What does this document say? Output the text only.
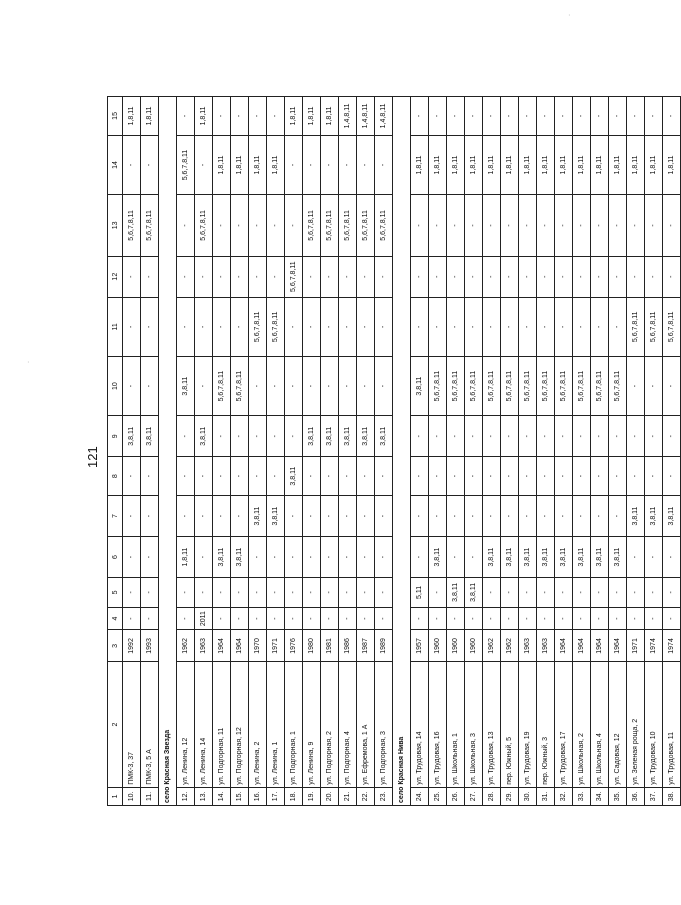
121
1	2	3	4	5	6	7	8	9	10	11	12	13	14	15
10.	ПМК-3, 37	1992	-	-	-	-	-	3,8,11	-	-	-	5,6,7,8,11	-	1,8,11
11.	ПМК-3, 5 А	1993	-	-	-	-	-	3,8,11	-	-	-	5,6,7,8,11	-	1,8,11
село Красная Звезда														
12.	ул. Ленина, 12	1962	-	-	1,8,11	-	-	-	3,8,11	-	-	-	5,6,7,8,11	-
13.	ул. Ленина, 14	1963	2011	-	-	-	-	3,8,11	-	-	-	5,6,7,8,11	-	1,8,11
14.	ул. Подгорная, 11	1964	-	-	3,8,11	-	-	-	5,6,7,8,11	-	-	-	1,8,11	-
15.	ул. Подгорная, 12	1964	-	-	3,8,11	-	-	-	5,6,7,8,11	-	-	-	1,8,11	-
16.	ул. Ленина, 2	1970	-	-	-	3,8,11	-	-	-	5,6,7,8,11	-	-	1,8,11	-
17.	ул. Ленина, 1	1971	-	-	-	3,8,11	-	-	-	5,6,7,8,11	-	-	1,8,11	-
18.	ул. Подгорная, 1	1976	-	-	-	-	3,8,11	-	-	-	5,6,7,8,11	-	-	1,8,11
19.	ул. Ленина, 9	1980	-	-	-	-	-	3,8,11	-	-	-	5,6,7,8,11	-	1,8,11
20.	ул. Подгорная, 2	1981	-	-	-	-	-	3,8,11	-	-	-	5,6,7,8,11	-	1,8,11
21.	ул. Подгорная, 4	1986	-	-	-	-	-	3,8,11	-	-	-	5,6,7,8,11	-	1,4,8,11
22.	ул. Ефремова, 1 А	1987	-	-	-	-	-	3,8,11	-	-	-	5,6,7,8,11	-	1,4,8,11
23.	ул. Подгорная, 3	1989	-	-	-	-	-	3,8,11	-	-	-	5,6,7,8,11	-	1,4,8,11
село Красная Нива														
24.	ул. Трудовая, 14	1957	-	5,11	-	-	-	-	3,8,11	-	-	-	1,8,11	-
25.	ул. Трудовая, 16	1960	-	-	3,8,11	-	-	-	5,6,7,8,11	-	-	-	1,8,11	-
26.	ул. Школьная, 1	1960	-	3,8,11	-	-	-	-	5,6,7,8,11	-	-	-	1,8,11	-
27.	ул. Школьная, 3	1960	-	3,8,11	-	-	-	-	5,6,7,8,11	-	-	-	1,8,11	-
28.	ул. Трудовая, 13	1962	-	-	3,8,11	-	-	-	5,6,7,8,11	-	-	-	1,8,11	-
29.	пер. Южный, 5	1962	-	-	3,8,11	-	-	-	5,6,7,8,11	-	-	-	1,8,11	-
30.	ул. Трудовая, 19	1963	-	-	3,8,11	-	-	-	5,6,7,8,11	-	-	-	1,8,11	-
31.	пер. Южный, 3	1963	-	-	3,8,11	-	-	-	5,6,7,8,11	-	-	-	1,8,11	-
32.	ул. Трудовая, 17	1964	-	-	3,8,11	-	-	-	5,6,7,8,11	-	-	-	1,8,11	-
33.	ул. Школьная, 2	1964	-	-	3,8,11	-	-	-	5,6,7,8,11	-	-	-	1,8,11	-
34.	ул. Школьная, 4	1964	-	-	3,8,11	-	-	-	5,6,7,8,11	-	-	-	1,8,11	-
35.	ул. Садовая, 12	1964	-	-	3,8,11	-	-	-	5,6,7,8,11	-	-	-	1,8,11	-
36.	ул. Зеленая роща, 2	1971	-	-	-	3,8,11	-	-	-	5,6,7,8,11	-	-	1,8,11	-
37.	ул. Трудовая, 10	1974	-	-	-	3,8,11	-	-	-	5,6,7,8,11	-	-	1,8,11	-
38.	ул. Трудовая, 11	1974	-	-	-	3,8,11	-	-	-	5,6,7,8,11	-	-	1,8,11	-
·
·
